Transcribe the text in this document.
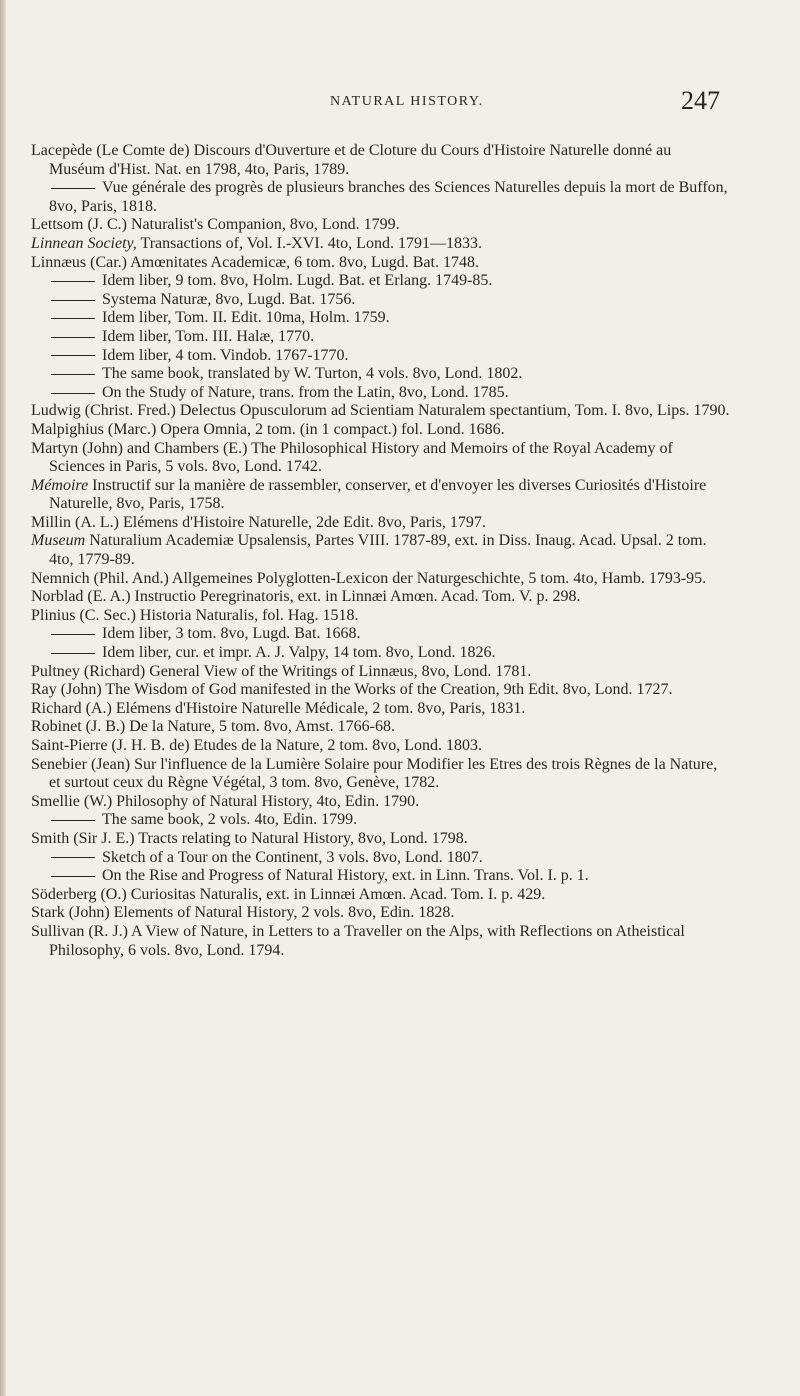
NATURAL HISTORY.	247
Lacepède (Le Comte de) Discours d'Ouverture et de Cloture du Cours d'Histoire Naturelle donné au Muséum d'Hist. Nat. en 1798, 4to, Paris, 1789.
Vue générale des progrès de plusieurs branches des Sciences Naturelles depuis la mort de Buffon, 8vo, Paris, 1818.
Lettsom (J. C.) Naturalist's Companion, 8vo, Lond. 1799.
Linnean Society, Transactions of, Vol. I.-XVI. 4to, Lond. 1791—1833.
Linnæus (Car.) Amœnitates Academicæ, 6 tom. 8vo, Lugd. Bat. 1748.
Idem liber, 9 tom. 8vo, Holm. Lugd. Bat. et Erlang. 1749-85.
Systema Naturæ, 8vo, Lugd. Bat. 1756.
Idem liber, Tom. II. Edit. 10ma, Holm. 1759.
Idem liber, Tom. III. Halæ, 1770.
Idem liber, 4 tom. Vindob. 1767-1770.
The same book, translated by W. Turton, 4 vols. 8vo, Lond. 1802.
On the Study of Nature, trans. from the Latin, 8vo, Lond. 1785.
Ludwig (Christ. Fred.) Delectus Opusculorum ad Scientiam Naturalem spectantium, Tom. I. 8vo, Lips. 1790.
Malpighius (Marc.) Opera Omnia, 2 tom. (in 1 compact.) fol. Lond. 1686.
Martyn (John) and Chambers (E.) The Philosophical History and Memoirs of the Royal Academy of Sciences in Paris, 5 vols. 8vo, Lond. 1742.
Mémoire Instructif sur la manière de rassembler, conserver, et d'envoyer les diverses Curiosités d'Histoire Naturelle, 8vo, Paris, 1758.
Millin (A. L.) Elémens d'Histoire Naturelle, 2de Edit. 8vo, Paris, 1797.
Museum Naturalium Academiæ Upsalensis, Partes VIII. 1787-89, ext. in Diss. Inaug. Acad. Upsal. 2 tom. 4to, 1779-89.
Nemnich (Phil. And.) Allgemeines Polyglotten-Lexicon der Naturgeschichte, 5 tom. 4to, Hamb. 1793-95.
Norblad (E. A.) Instructio Peregrinatoris, ext. in Linnæi Amœn. Acad. Tom. V. p. 298.
Plinius (C. Sec.) Historia Naturalis, fol. Hag. 1518.
Idem liber, 3 tom. 8vo, Lugd. Bat. 1668.
Idem liber, cur. et impr. A. J. Valpy, 14 tom. 8vo, Lond. 1826.
Pultney (Richard) General View of the Writings of Linnæus, 8vo, Lond. 1781.
Ray (John) The Wisdom of God manifested in the Works of the Creation, 9th Edit. 8vo, Lond. 1727.
Richard (A.) Elémens d'Histoire Naturelle Médicale, 2 tom. 8vo, Paris, 1831.
Robinet (J. B.) De la Nature, 5 tom. 8vo, Amst. 1766-68.
Saint-Pierre (J. H. B. de) Etudes de la Nature, 2 tom. 8vo, Lond. 1803.
Senebier (Jean) Sur l'influence de la Lumière Solaire pour Modifier les Etres des trois Règnes de la Nature, et surtout ceux du Règne Végétal, 3 tom. 8vo, Genève, 1782.
Smellie (W.) Philosophy of Natural History, 4to, Edin. 1790.
The same book, 2 vols. 4to, Edin. 1799.
Smith (Sir J. E.) Tracts relating to Natural History, 8vo, Lond. 1798.
Sketch of a Tour on the Continent, 3 vols. 8vo, Lond. 1807.
On the Rise and Progress of Natural History, ext. in Linn. Trans. Vol. I. p. 1.
Söderberg (O.) Curiositas Naturalis, ext. in Linnæi Amœn. Acad. Tom. I. p. 429.
Stark (John) Elements of Natural History, 2 vols. 8vo, Edin. 1828.
Sullivan (R. J.) A View of Nature, in Letters to a Traveller on the Alps, with Reflections on Atheistical Philosophy, 6 vols. 8vo, Lond. 1794.
